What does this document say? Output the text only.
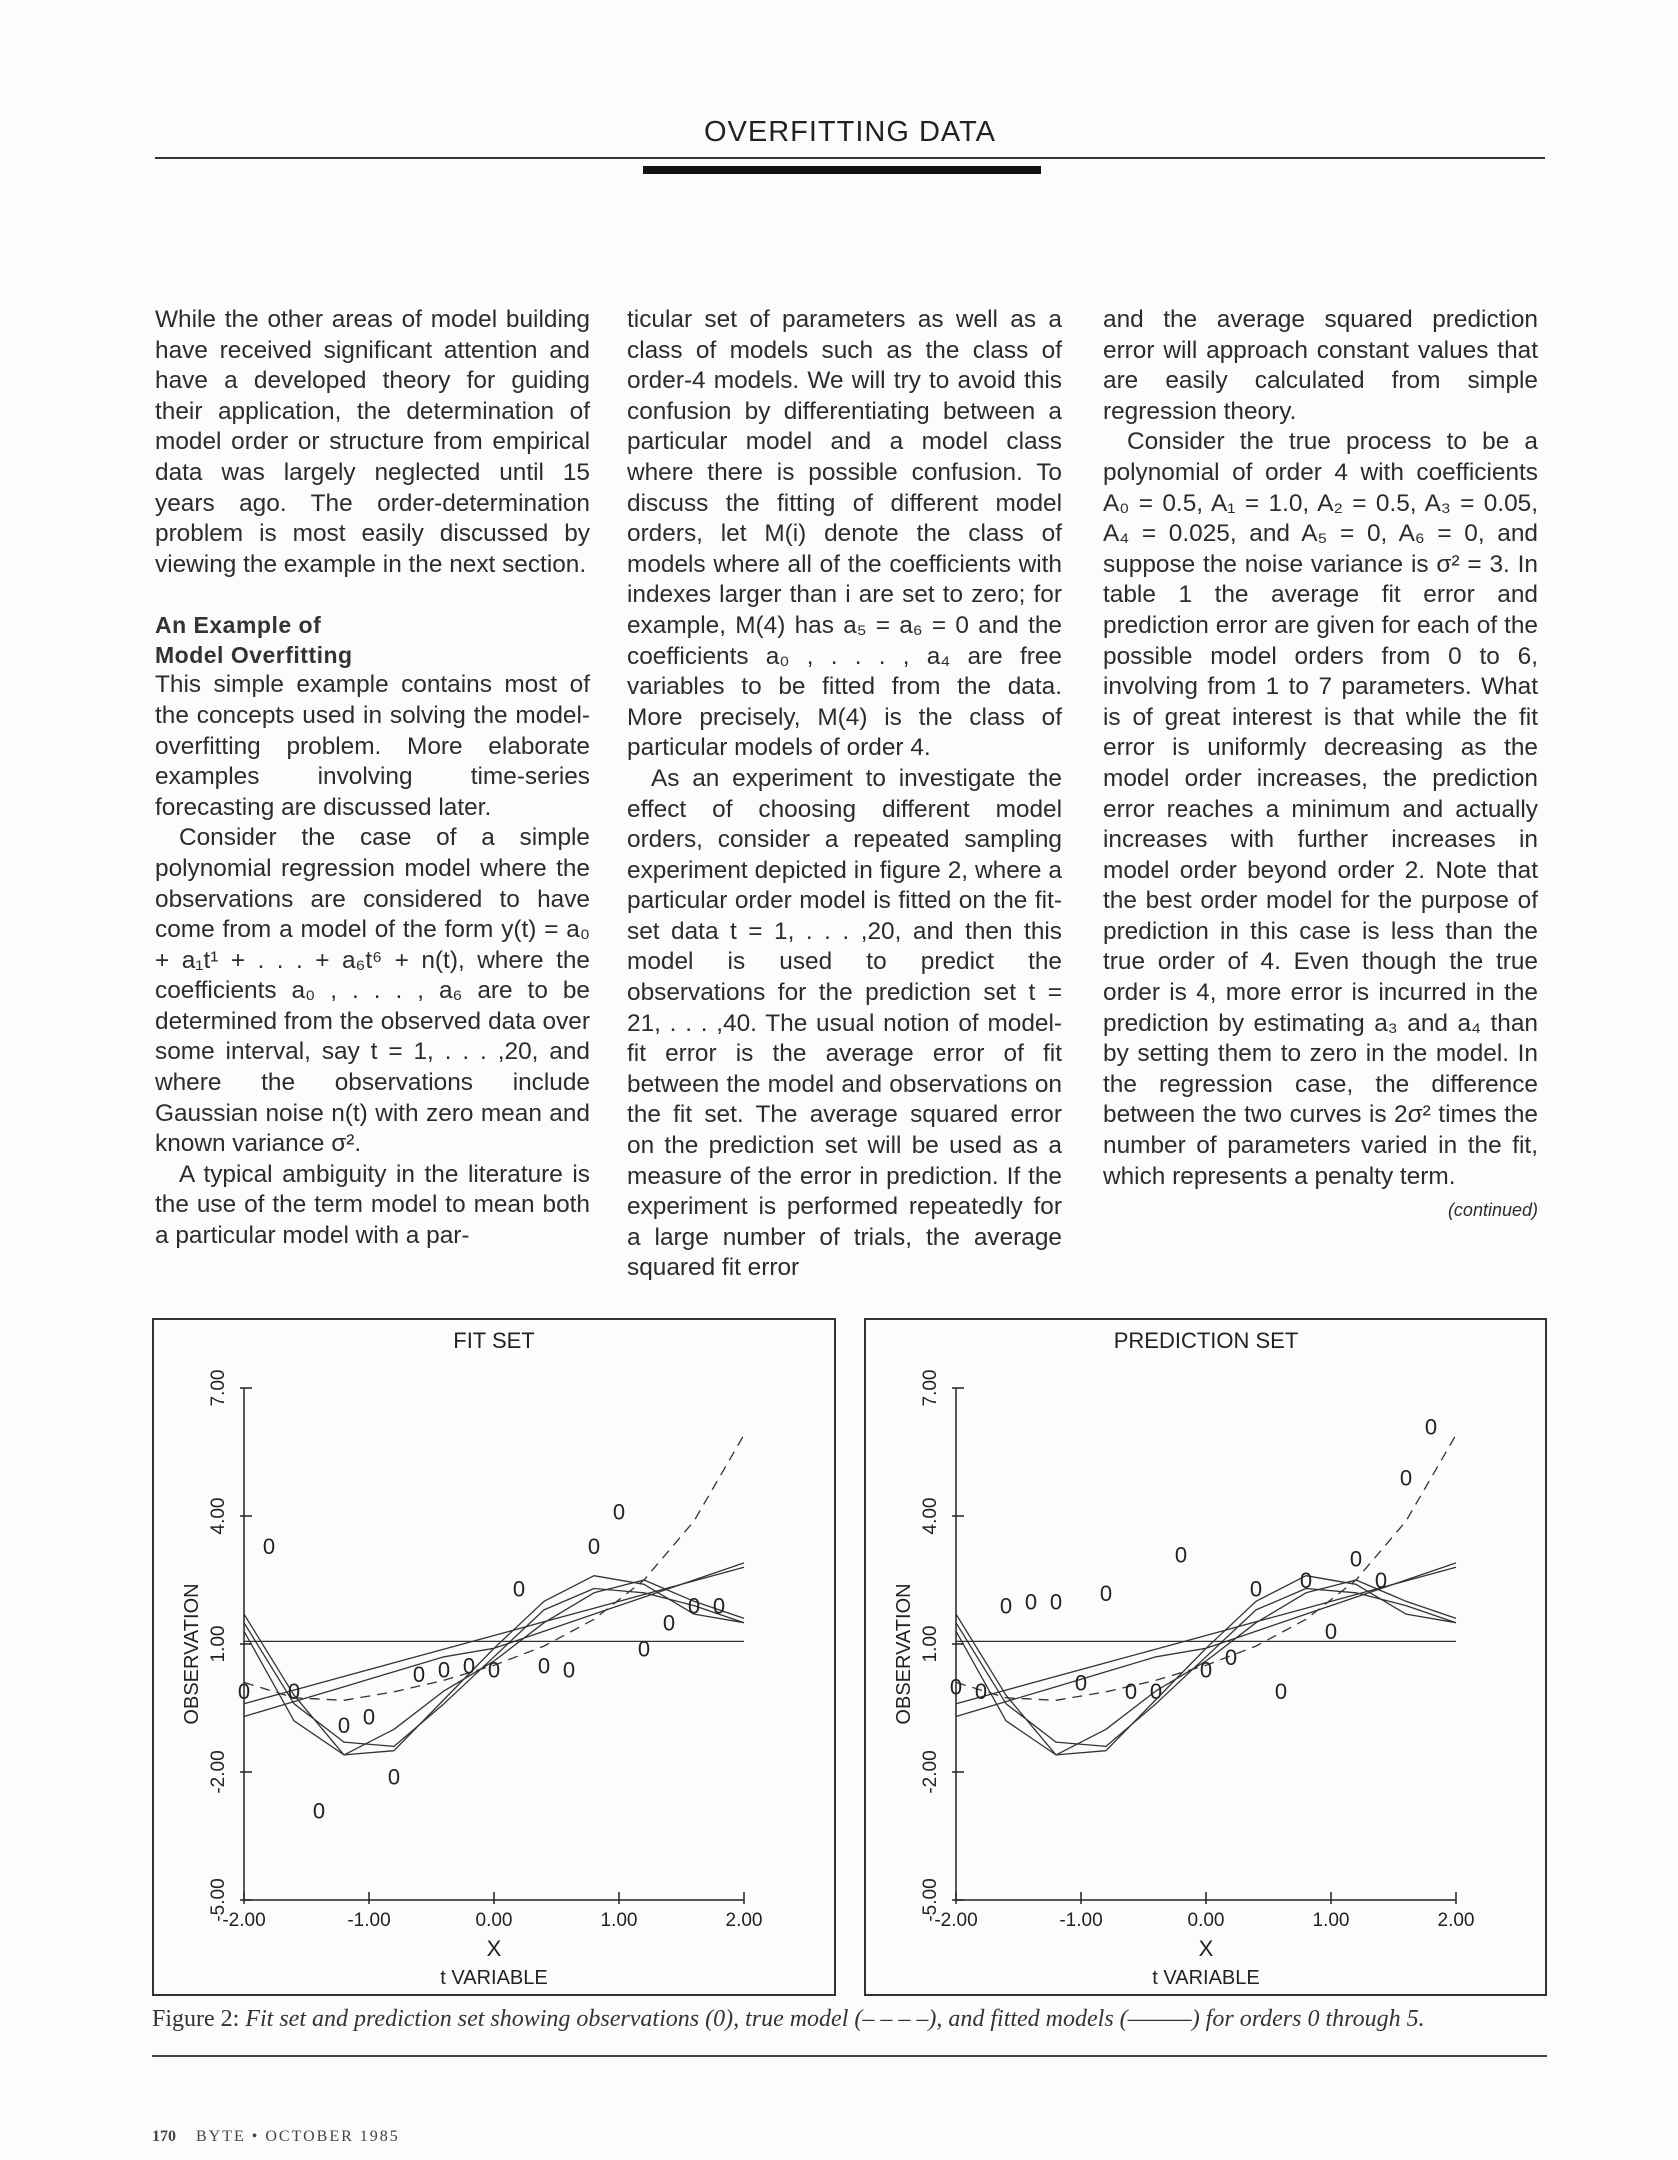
OVERFITTING DATA

While the other areas of model building have received significant attention and have a developed theory for guiding their application, the determination of model order or structure from empirical data was largely neglected until 15 years ago. The order-determination problem is most easily discussed by viewing the example in the next section.

An Example of
Model Overfitting

This simple example contains most of the concepts used in solving the model-overfitting problem. More elaborate examples involving time-series forecasting are discussed later.

Consider the case of a simple polynomial regression model where the observations are considered to have come from a model of the form y(t) = a₀ + a₁t¹ + . . . + a₆t⁶ + n(t), where the coefficients a₀ , . . . , a₆ are to be determined from the observed data over some interval, say t = 1, . . . ,20, and where the observations include Gaussian noise n(t) with zero mean and known variance σ².

A typical ambiguity in the literature is the use of the term model to mean both a particular model with a par-

ticular set of parameters as well as a class of models such as the class of order-4 models. We will try to avoid this confusion by differentiating between a particular model and a model class where there is possible confusion. To discuss the fitting of different model orders, let M(i) denote the class of models where all of the coefficients with indexes larger than i are set to zero; for example, M(4) has a₅ = a₆ = 0 and the coefficients a₀ , . . . , a₄ are free variables to be fitted from the data. More precisely, M(4) is the class of particular models of order 4.

As an experiment to investigate the effect of choosing different model orders, consider a repeated sampling experiment depicted in figure 2, where a particular order model is fitted on the fit-set data t = 1, . . . ,20, and then this model is used to predict the observations for the prediction set t = 21, . . . ,40. The usual notion of model-fit error is the average error of fit between the model and observations on the fit set. The average squared error on the prediction set will be used as a measure of the error in prediction. If the experiment is performed repeatedly for a large number of trials, the average squared fit error

and the average squared prediction error will approach constant values that are easily calculated from simple regression theory.

Consider the true process to be a polynomial of order 4 with coefficients A₀ = 0.5, A₁ = 1.0, A₂ = 0.5, A₃ = 0.05, A₄ = 0.025, and A₅ = 0, A₆ = 0, and suppose the noise variance is σ² = 3. In table 1 the average fit error and prediction error are given for each of the possible model orders from 0 to 6, involving from 1 to 7 parameters. What is of great interest is that while the fit error is uniformly decreasing as the model order increases, the prediction error reaches a minimum and actually increases with further increases in model order beyond order 2. Note that the best order model for the purpose of prediction in this case is less than the true order of 4. Even though the true order is 4, more error is incurred in the prediction by estimating a₃ and a₄ than by setting them to zero in the model. In the regression case, the difference between the two curves is 2σ² times the number of parameters varied in the fit, which represents a penalty term.

(continued)
FIT SET
-2.00	-1.00	0.00	1.00	2.00
-5.00
-2.00
1.00
4.00
7.00
X
t VARIABLE
OBSERVATION 0
0
0
0
0 0
0
0 0 0 0
0
0 0
0
0
0
0
0 0
PREDICTION SET
-2.00	-1.00	0.00	1.00	2.00
-5.00
-2.00
1.00
4.00
7.00
X
t VARIABLE
OBSERVATION 0 0
0 0 0
0
0
0 0
0
0
0
0
0
0
0
0
0
0
0
Figure 2: Fit set and prediction set showing observations (0), true model (– – – –), and fitted models (———) for orders 0 through 5.
170 BYTE • OCTOBER 1985
